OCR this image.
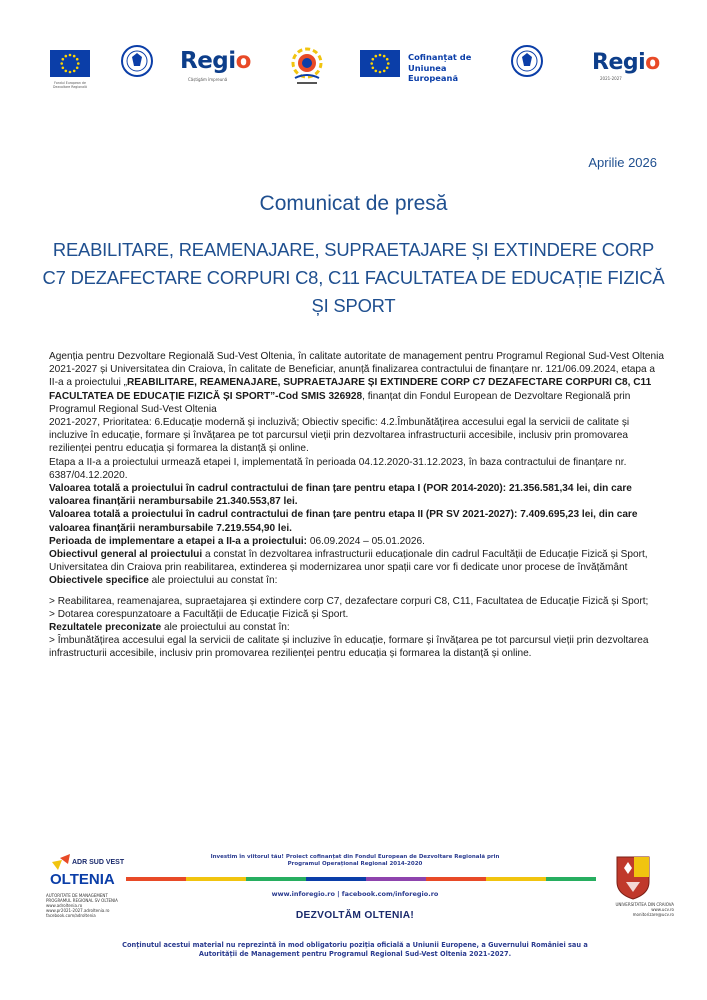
Fondul European de
Dezvoltare Regională
Regio
Câștigăm împreună
Cofinanțat de
Uniunea Europeană
Regio
2021-2027
Aprilie 2026
Comunicat de presă
REABILITARE, REAMENAJARE, SUPRAETAJARE ȘI EXTINDERE CORP C7 DEZAFECTARE CORPURI C8, C11 FACULTATEA DE EDUCAȚIE FIZICĂ ȘI SPORT

Agenția pentru Dezvoltare Regională Sud-Vest Oltenia, în calitate autoritate de management pentru Programul Regional Sud-Vest Oltenia 2021-2027 și Universitatea din Craiova, în calitate de Beneficiar, anunță finalizarea contractului de finanțare nr. 121/06.09.2024, etapa a II-a a proiectului „REABILITARE, REAMENAJARE, SUPRAETAJARE ȘI EXTINDERE CORP C7 DEZAFECTARE CORPURI C8, C11 FACULTATEA DE EDUCAȚIE FIZICĂ ȘI SPORT”-Cod SMIS 326928, finanțat din Fondul European de Dezvoltare Regională prin Programul Regional Sud-Vest Oltenia

2021-2027, Prioritatea: 6.Educație modernă și incluzivă; Obiectiv specific: 4.2.Îmbunătățirea accesului egal la servicii de calitate și incluzive în educație, formare și învățarea pe tot parcursul vieții prin dezvoltarea infrastructurii accesibile, inclusiv prin promovarea rezilienței pentru educația și formarea la distanță și online.

Etapa a II-a a proiectului urmează etapei I, implementată în perioada 04.12.2020-31.12.2023, în baza contractului de finanțare nr. 6387/04.12.2020.

Valoarea totală a proiectului în cadrul contractului de finan țare pentru etapa I (POR 2014-2020): 21.356.581,34 lei, din care valoarea finanțării nerambursabile 21.340.553,87 lei.

Valoarea totală a proiectului în cadrul contractului de finan țare pentru etapa II (PR SV 2021-2027): 7.409.695,23 lei, din care valoarea finanțării nerambursabile 7.219.554,90 lei.

Perioada de implementare a etapei a II-a a proiectului: 06.09.2024 – 05.01.2026.

Obiectivul general al proiectului a constat în dezvoltarea infrastructurii educaționale din cadrul Facultății de Educație Fizică și Sport, Universitatea din Craiova prin reabilitarea, extinderea și modernizarea unor spații care vor fi dedicate unor procese de învățământ

Obiectivele specifice ale proiectului au constat în:

> Reabilitarea, reamenajarea, supraetajarea și extindere corp C7, dezafectare corpuri C8, C11, Facultatea de Educație Fizică și Sport;

> Dotarea corespunzatoare a Facultății de Educație Fizică și Sport.

Rezultatele preconizate ale proiectului au constat în:

> Îmbunătățirea accesului egal la servicii de calitate și incluzive în educație, formare și învățarea pe tot parcursul vieții prin dezvoltarea infrastructurii accesibile, inclusiv prin promovarea rezilienței pentru educația și formarea la distanță și online.

ADR SUD VEST
OLTENIA
AUTORITATE DE MANAGEMENT
PROGRAMUL REGIONAL SV OLTENIA
www.adroltenia.ro
www.pr2021-2027.adroltenia.ro
facebook.com/adroltenia
Investim în viitorul tău! Proiect cofinanțat din Fondul European de Dezvoltare Regională prin Programul Operațional Regional 2014-2020
www.inforegio.ro | facebook.com/inforegio.ro
DEZVOLTĂM OLTENIA!
UNIVERSITATEA DIN CRAIOVA
www.ucv.ro
monitorizare@ucv.ro
Conținutul acestui material nu reprezintă în mod obligatoriu poziția oficială a Uniunii Europene, a Guvernului României sau a Autorității de Management pentru Programul Regional Sud-Vest Oltenia 2021-2027.
